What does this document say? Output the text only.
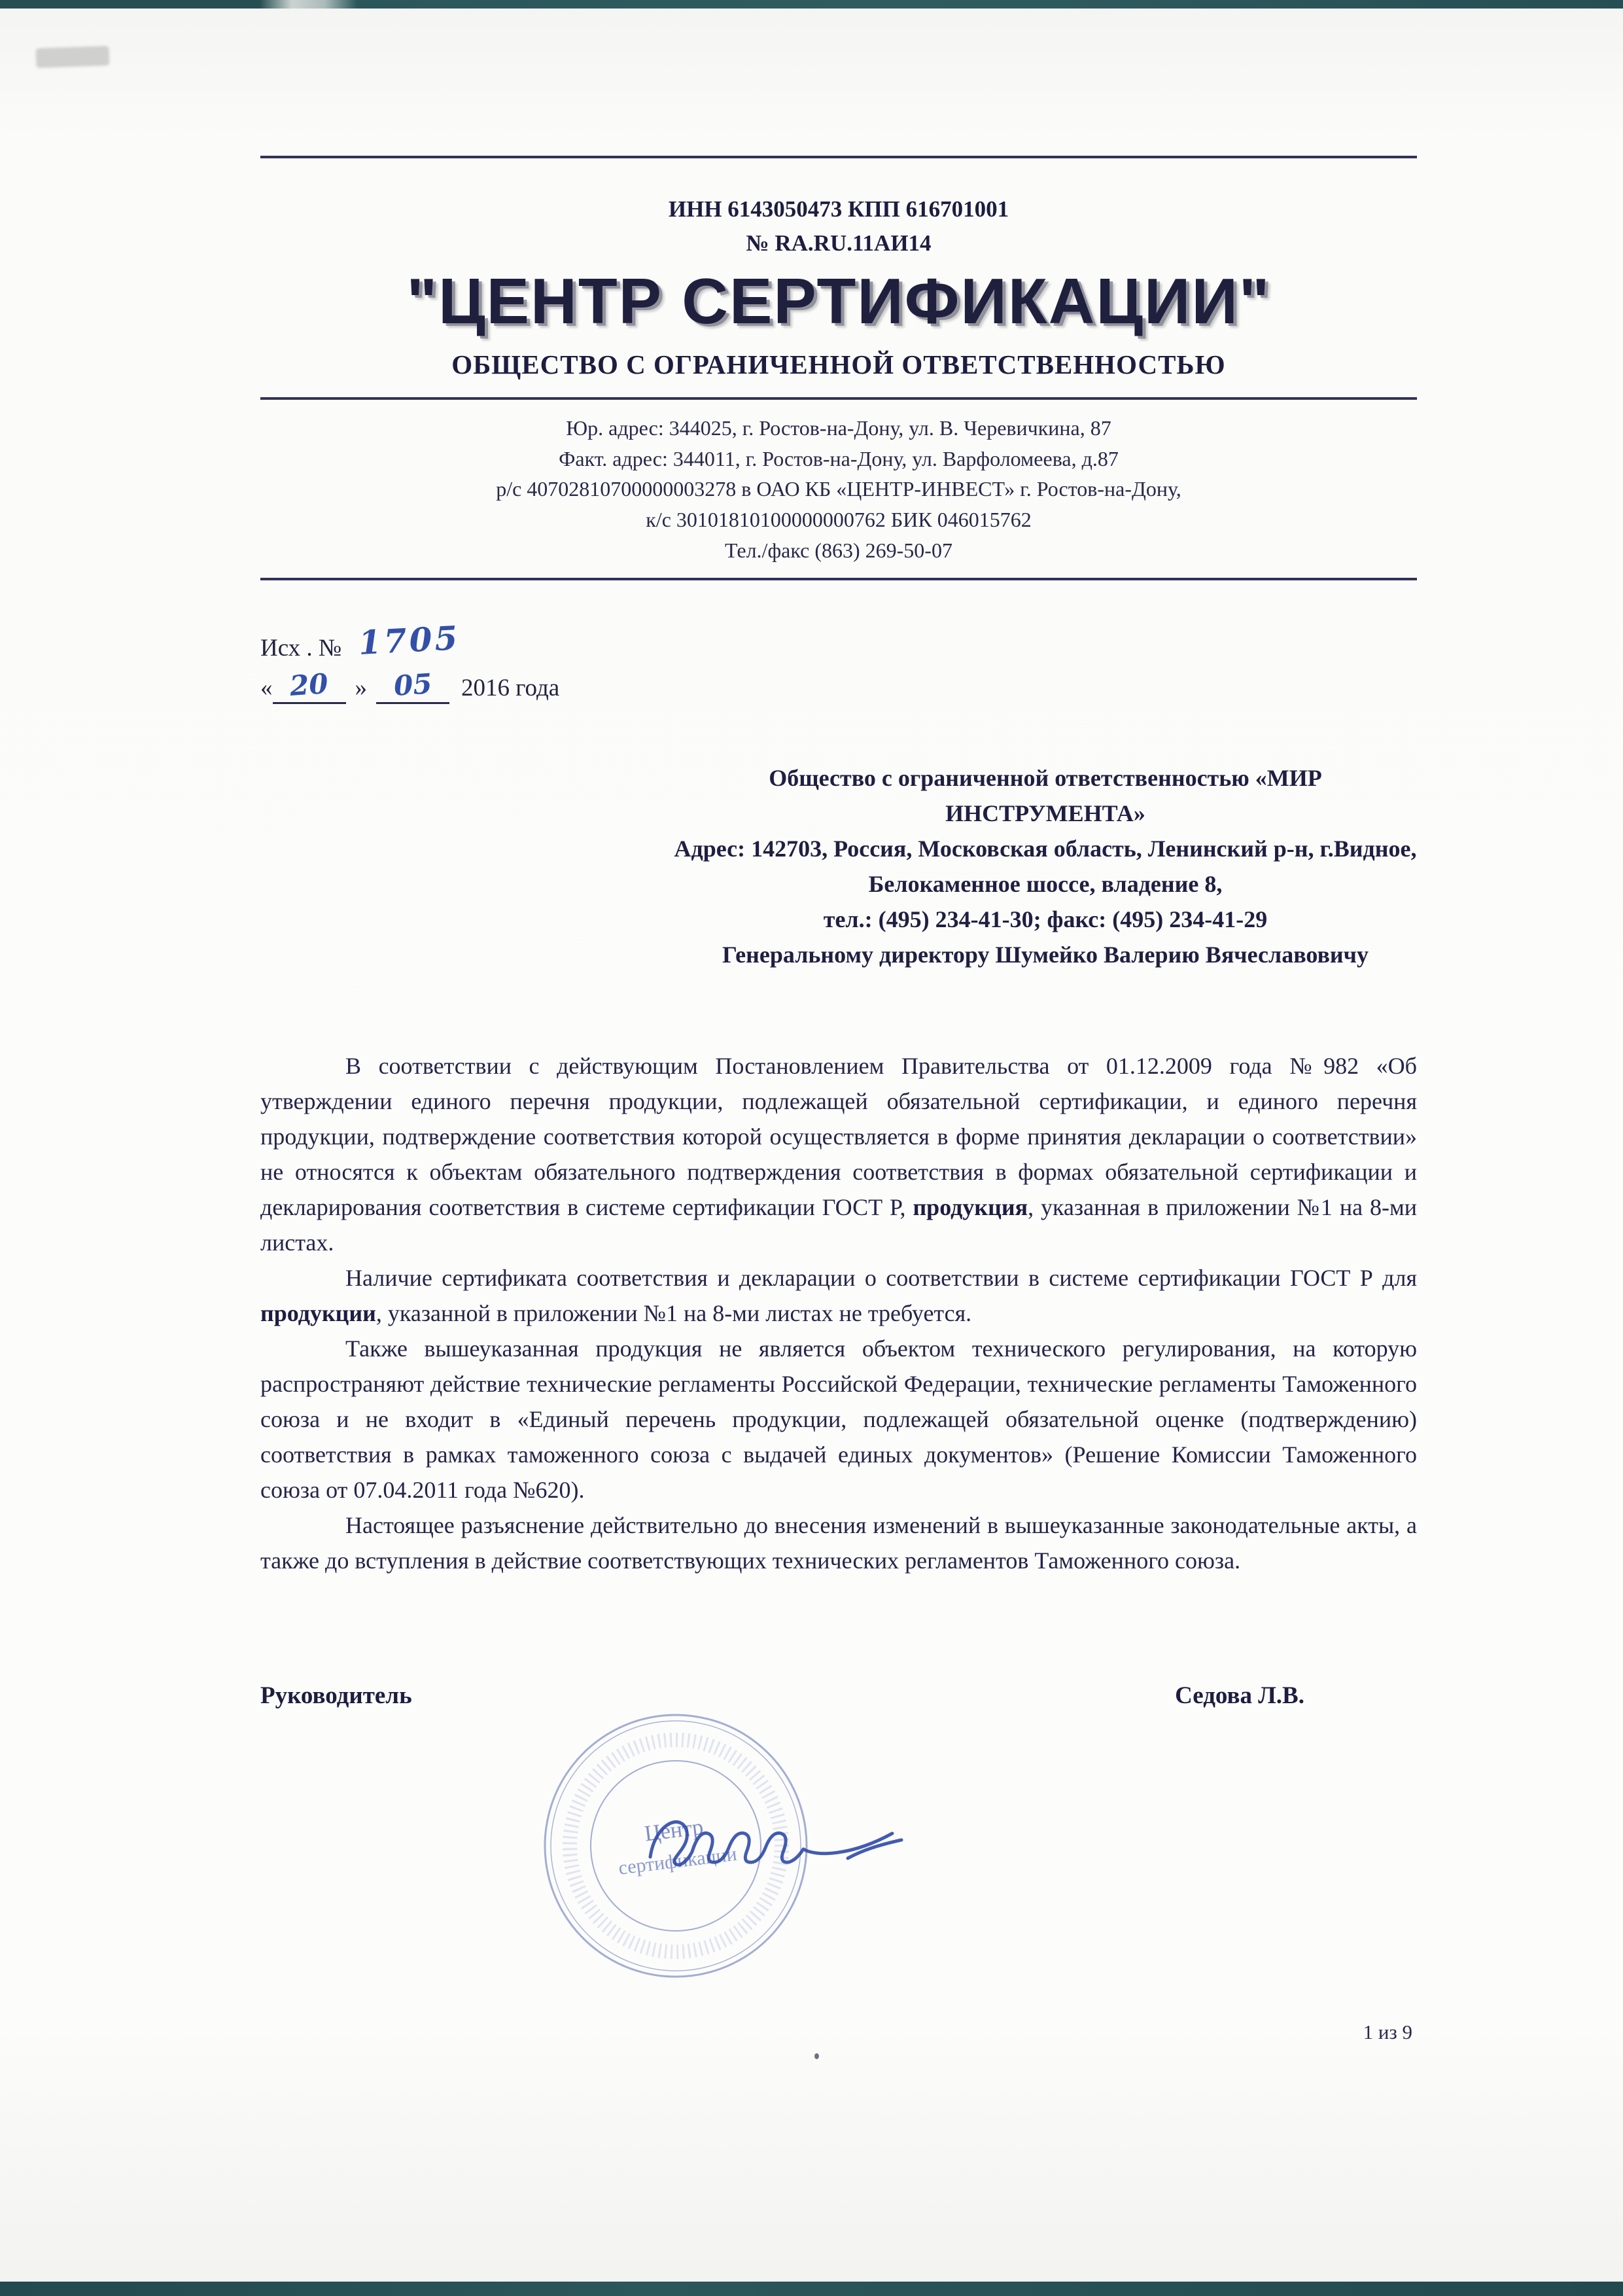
ИНН 6143050473 КПП 616701001
№ RA.RU.11АИ14
"ЦЕНТР СЕРТИФИКАЦИИ"
ОБЩЕСТВО С ОГРАНИЧЕННОЙ ОТВЕТСТВЕННОСТЬЮ
Юр. адрес: 344025, г. Ростов-на-Дону, ул. В. Черевичкина, 87
Факт. адрес: 344011, г. Ростов-на-Дону, ул. Варфоломеева, д.87
р/с 40702810700000003278 в ОАО КБ «ЦЕНТР-ИНВЕСТ» г. Ростов-на-Дону,
к/с 30101810100000000762 БИК 046015762
Тел./факс (863) 269-50-07
Исх . № 1705
« 20	» 05	2016 года
Общество с ограниченной ответственностью «МИР ИНСТРУМЕНТА»
Адрес: 142703, Россия, Московская область, Ленинский р-н, г.Видное, Белокаменное шоссе, владение 8,
тел.: (495) 234-41-30; факс: (495) 234-41-29
Генеральному директору Шумейко Валерию Вячеславовичу

В соответствии с действующим Постановлением Правительства от 01.12.2009 года №982 «Об утверждении единого перечня продукции, подлежащей обязательной сертификации, и единого перечня продукции, подтверждение соответствия которой осуществляется в форме принятия декларации о соответствии» не относятся к объектам обязательного подтверждения соответствия в формах обязательной сертификации и декларирования соответствия в системе сертификации ГОСТ Р, продукция, указанная в приложении №1 на 8-ми листах.

Наличие сертификата соответствия и декларации о соответствии в системе сертификации ГОСТ Р для продукции, указанной в приложении №1 на 8-ми листах не требуется.

Также вышеуказанная продукция не является объектом технического регулирования, на которую распространяют действие технические регламенты Российской Федерации, технические регламенты Таможенного союза и не входит в «Единый перечень продукции, подлежащей обязательной оценке (подтверждению) соответствия в рамках таможенного союза с выдачей единых документов» (Решение Комиссии Таможенного союза от 07.04.2011 года №620).

Настоящее разъяснение действительно до внесения изменений в вышеуказанные законодательные акты, а также до вступления в действие соответствующих технических регламентов Таможенного союза.

Руководитель	Седова Л.В.
Центр
сертификации
1 из 9
